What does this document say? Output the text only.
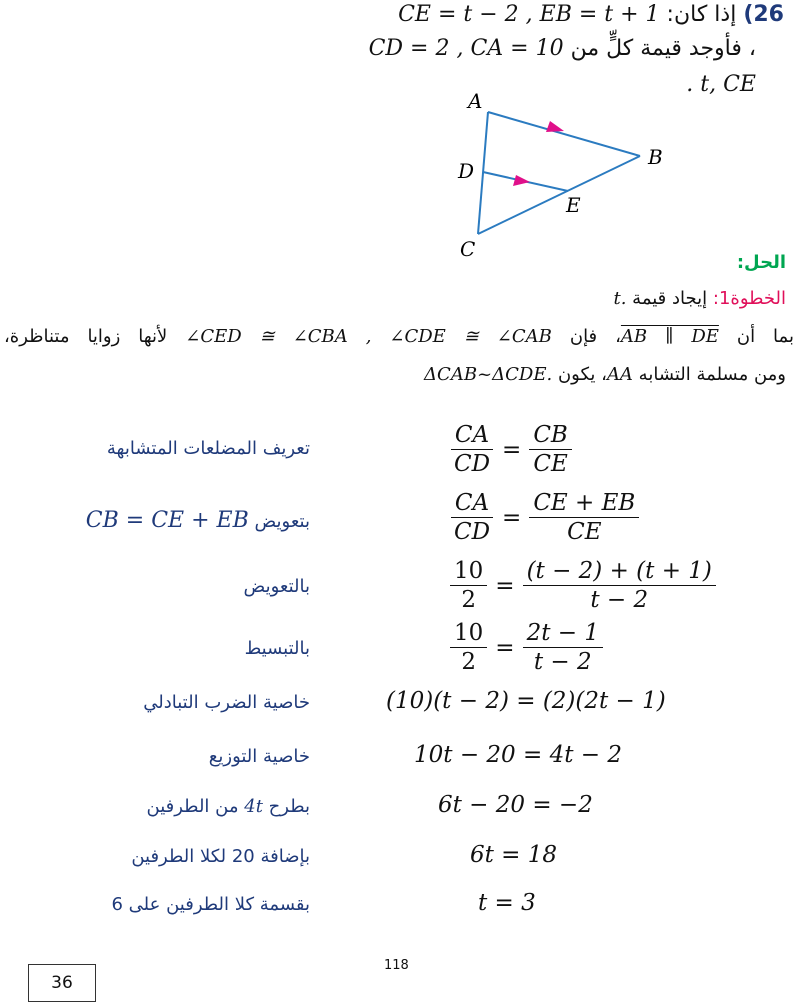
26) إذا كان: CE = t − 2 , EB = t + 1
، فأوجد قيمة كلٍّ من CD = 2 , CA = 10
. t, CE
A
B
C
D
E
الحل:
الخطوة1: إيجاد قيمة t.
بما أن AB ∥ DE، فإن ∠CED ≅ ∠CBA , ∠CDE ≅ ∠CAB لأنها زوايا متناظرة،
ومن مسلمة التشابه AA، يكون ΔCAB~ΔCDE.
تعريف المضلعات المتشابهة	$\frac{CA}{CD} = \frac{CB}{CE}$
بتعويض CB = CE + EB	$\frac{CA}{CD} = \frac{CE + EB}{CE}$
بالتعويض	$\frac{10}{2} = \frac{(t - 2) + (t + 1)}{t - 2}$
بالتبسيط	$\frac{10}{2} = \frac{2t - 1}{t - 2}$
خاصية الضرب التبادلي	(10)(t − 2) = (2)(2t − 1)
خاصية التوزيع	10t − 20 = 4t − 2
بطرح 4t من الطرفين	6t − 20 = −2
بإضافة 20 لكلا الطرفين	6t = 18
بقسمة كلا الطرفين على 6	t = 3
118
36
